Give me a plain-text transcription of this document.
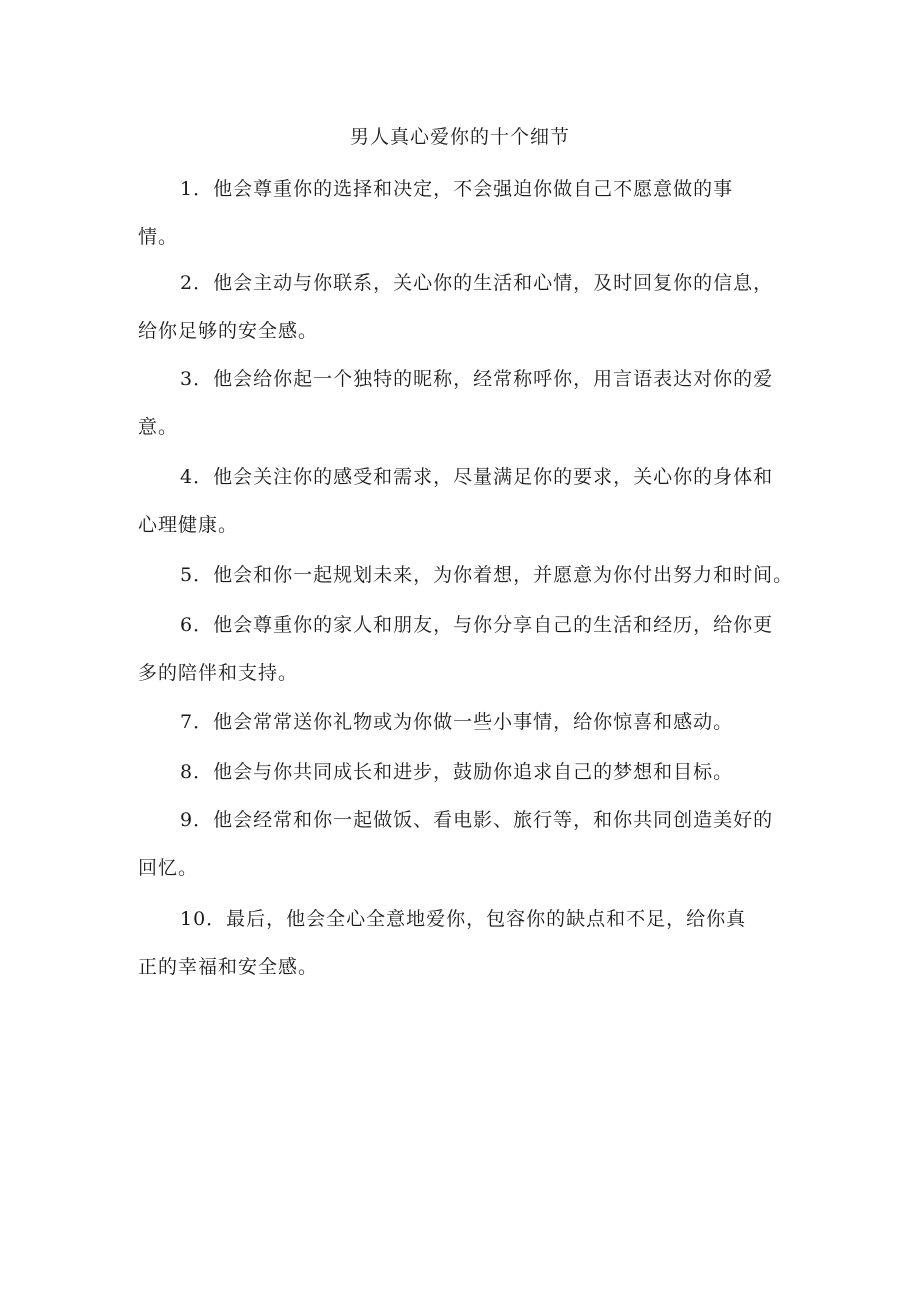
男人真心爱你的十个细节
1．他会尊重你的选择和决定，不会强迫你做自己不愿意做的事
情。
2．他会主动与你联系，关心你的生活和心情，及时回复你的信息，
给你足够的安全感。
3．他会给你起一个独特的昵称，经常称呼你，用言语表达对你的爱
意。
4．他会关注你的感受和需求，尽量满足你的要求，关心你的身体和
心理健康。
5．他会和你一起规划未来，为你着想，并愿意为你付出努力和时间。
6．他会尊重你的家人和朋友，与你分享自己的生活和经历，给你更
多的陪伴和支持。
7．他会常常送你礼物或为你做一些小事情，给你惊喜和感动。
8．他会与你共同成长和进步，鼓励你追求自己的梦想和目标。
9．他会经常和你一起做饭、看电影、旅行等，和你共同创造美好的
回忆。
10．最后，他会全心全意地爱你，包容你的缺点和不足，给你真
正的幸福和安全感。
